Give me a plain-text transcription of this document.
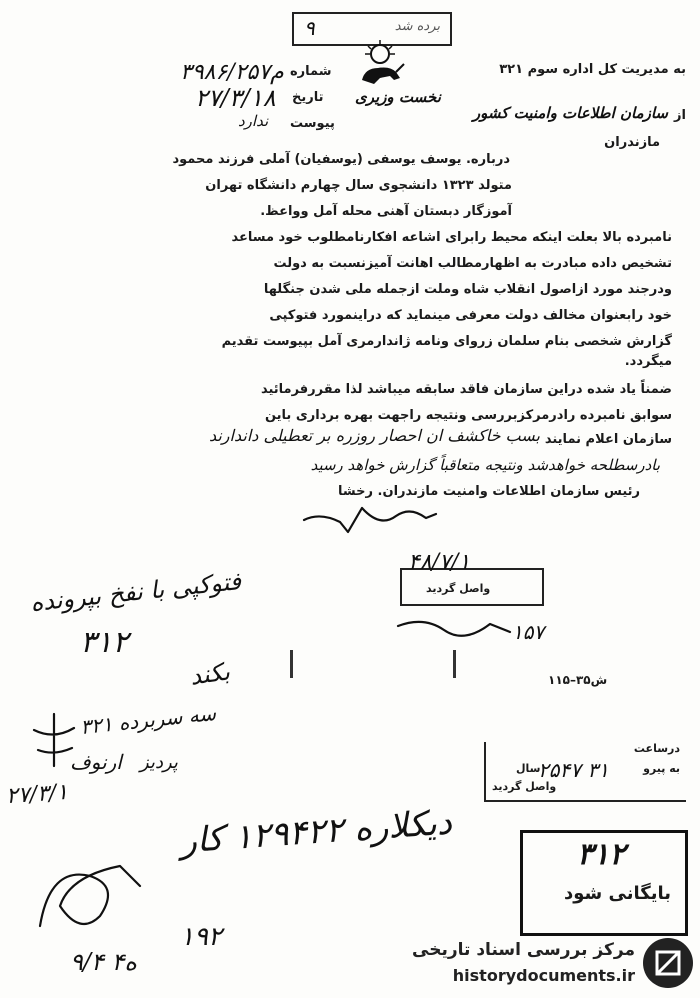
۹	برده شد
نخست وزیری
به مدیریت کل اداره سوم ۳۲۱
از
سازمان اطلاعات وامنیت کشور
مازندران
شماره
۳۹۸۶/م۲۵۷
تاریخ
۲۷/۳/۱۸
پیوست
ندارد
درباره. یوسف یوسفی (یوسفیان) آملی فرزند محمود
متولد ۱۳۲۳ دانشجوی سال چهارم دانشگاه تهران
آموزگار دبستان آهنی محله آمل وواعظ.
نامبرده بالا بعلت اینکه محیط رابرای اشاعه افکارنامطلوب خود مساعد
تشخیص داده مبادرت به اظهارمطالب اهانت آمیزنسبت به دولت
ودرجند مورد ازاصول انقلاب شاه وملت ازجمله ملی شدن جنگلها
خود رابعنوان مخالف دولت معرفی مینماید که دراینمورد فتوکپی
گزارش شخصی بنام سلمان زروای ونامه ژاندارمری آمل بپیوست تقدیم
میگردد.
ضمناً یاد شده دراین سازمان فاقد سابقه میباشد لذا مقررفرمائید
سوابق نامبرده رادرمرکزبررسی ونتیجه راجهت بهره برداری باین
سازمان اعلام نمایند
بسب خاکشف ان احصار روزره بر تعطیلی داند‌ارند
بادرسطلحه خواهدشد ونتیجه متعاقباً گزارش خواهد رسید
رئیس سازمان اطلاعات وامنیت مازندران. رخشا
واصل گردید
۴۸/۷/۱
۱۵۷
۱۱۵–۳۵ش
فتوکپی با نفخ بپرونده
۳۱۲
بکند
سه سربرده ۳۲۱
ارنوف پردیز
۲۷/۳/۱
درساعت
به پیرو
۲۵۴۷ ۳۱
سال
واصل گردید
۳۱۲
بایگانی شود
دیکلاره ۱۲۹۴۲۲ کار
۱۹۲
۹/۴ ه۴	مرکز بررسی اسناد تاریخی
historydocuments.ir
